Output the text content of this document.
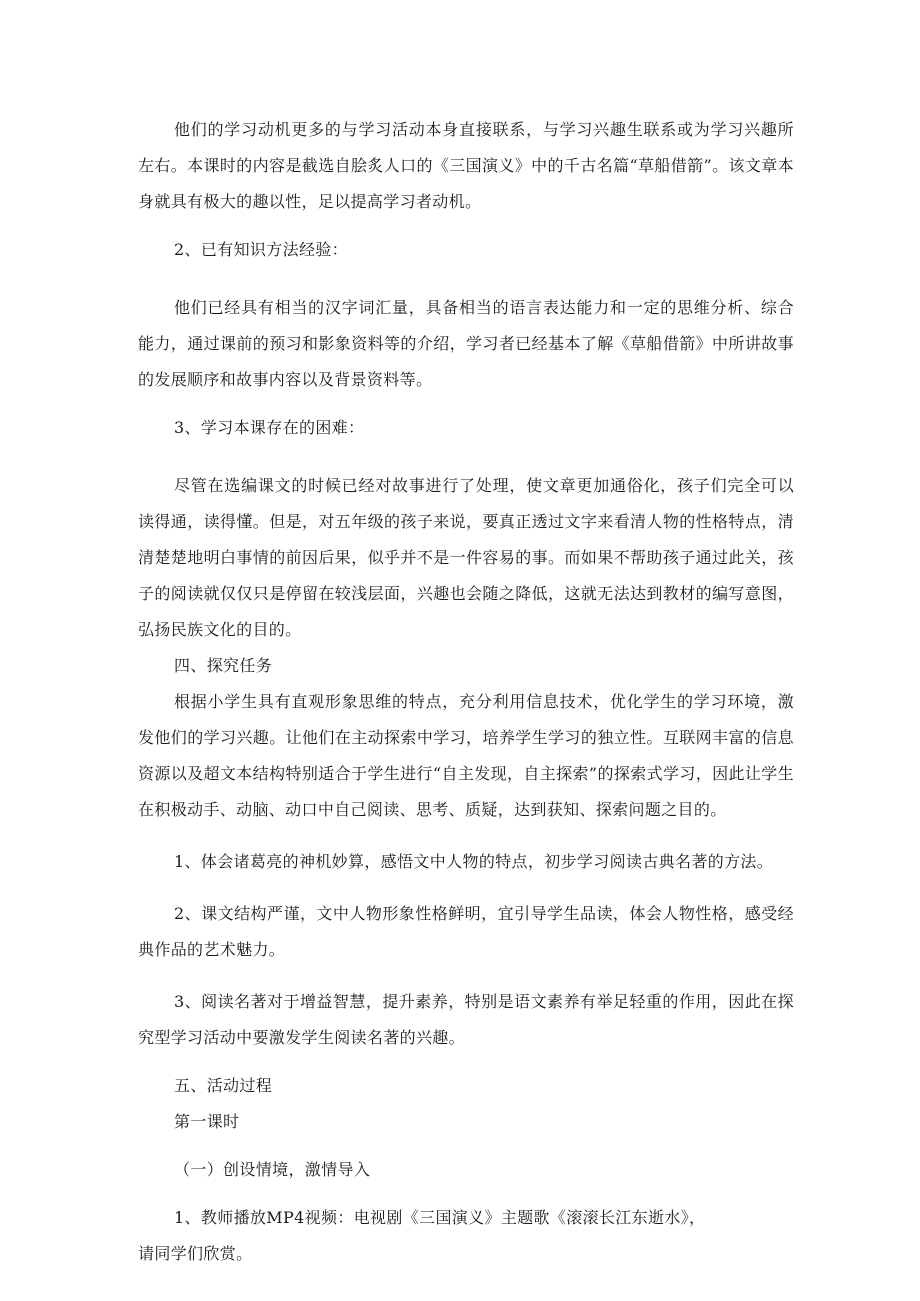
他们的学习动机更多的与学习活动本身直接联系，与学习兴趣生联系或为学习兴趣所左右。本课时的内容是截选自脍炙人口的《三国演义》中的千古名篇“草船借箭”。该文章本身就具有极大的趣以性，足以提高学习者动机。

2、已有知识方法经验：

他们已经具有相当的汉字词汇量，具备相当的语言表达能力和一定的思维分析、综合能力，通过课前的预习和影象资料等的介绍，学习者已经基本了解《草船借箭》中所讲故事的发展顺序和故事内容以及背景资料等。

3、学习本课存在的困难：

尽管在选编课文的时候已经对故事进行了处理，使文章更加通俗化，孩子们完全可以读得通，读得懂。但是，对五年级的孩子来说，要真正透过文字来看清人物的性格特点，清清楚楚地明白事情的前因后果，似乎并不是一件容易的事。而如果不帮助孩子通过此关，孩子的阅读就仅仅只是停留在较浅层面，兴趣也会随之降低，这就无法达到教材的编写意图，弘扬民族文化的目的。

四、探究任务

根据小学生具有直观形象思维的特点，充分利用信息技术，优化学生的学习环境，激发他们的学习兴趣。让他们在主动探索中学习，培养学生学习的独立性。互联网丰富的信息资源以及超文本结构特别适合于学生进行“自主发现，自主探索”的探索式学习，因此让学生在积极动手、动脑、动口中自己阅读、思考、质疑，达到获知、探索问题之目的。

1、体会诸葛亮的神机妙算，感悟文中人物的特点，初步学习阅读古典名著的方法。

2、课文结构严谨，文中人物形象性格鲜明，宜引导学生品读，体会人物性格，感受经典作品的艺术魅力。

3、阅读名著对于增益智慧，提升素养，特别是语文素养有举足轻重的作用，因此在探究型学习活动中要激发学生阅读名著的兴趣。

五、活动过程

第一课时

（一）创设情境，激情导入

1、教师播放MP4视频：电视剧《三国演义》主题歌《滚滚长江东逝水》，

请同学们欣赏。
